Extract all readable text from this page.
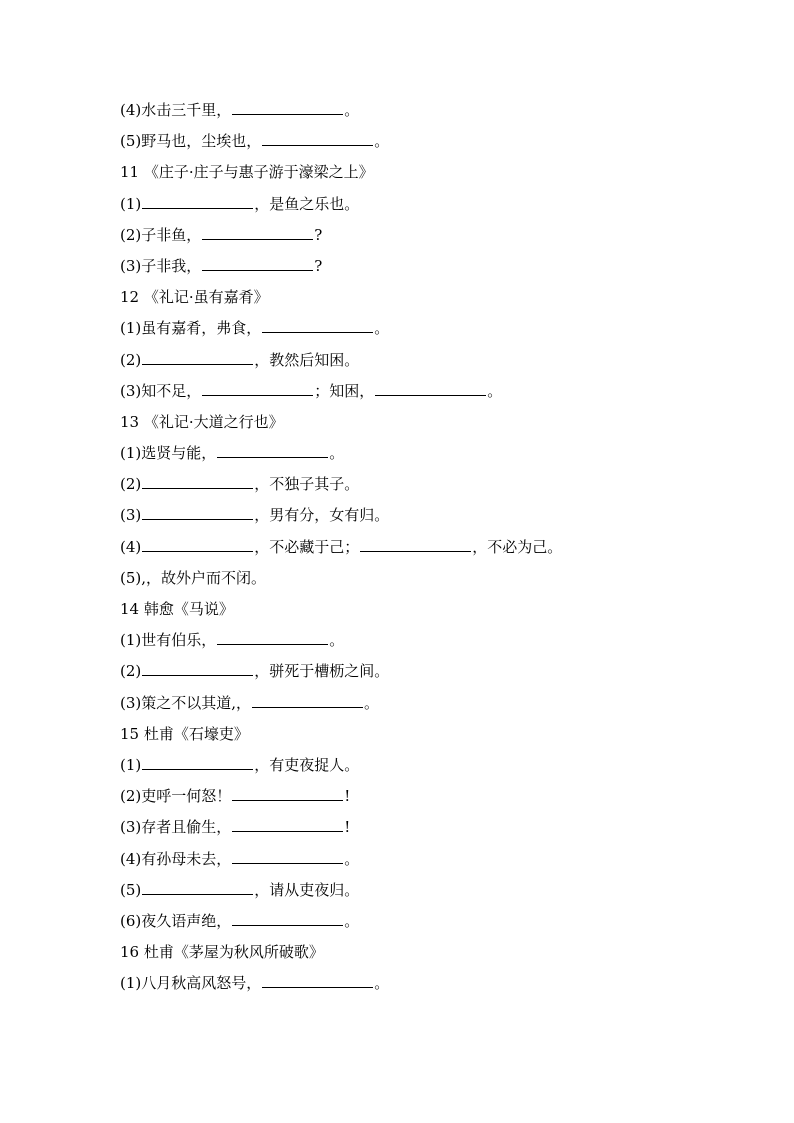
(4)水击三千里，	。
(5)野马也，尘埃也，	。
11 《庄子·庄子与惠子游于濠梁之上》
(1)	，是鱼之乐也。
(2)子非鱼，	?
(3)子非我，	?
12 《礼记·虽有嘉肴》
(1)虽有嘉肴，弗食，	。
(2)	，教然后知困。
(3)知不足，	；知困，	。
13 《礼记·大道之行也》
(1)选贤与能，	。
(2)	，不独子其子。
(3)	，男有分，女有归。
(4)	，不必藏于己；	，不必为己。
(5),，故外户而不闭。
14 韩愈《马说》
(1)世有伯乐，	。
(2)	，骈死于槽枥之间。
(3)策之不以其道,，	。
15 杜甫《石壕吏》
(1)	，有吏夜捉人。
(2)吏呼一何怒！	!
(3)存者且偷生，	!
(4)有孙母未去，	。
(5)	，请从吏夜归。
(6)夜久语声绝，	。
16 杜甫《茅屋为秋风所破歌》
(1)八月秋高风怒号，	。
